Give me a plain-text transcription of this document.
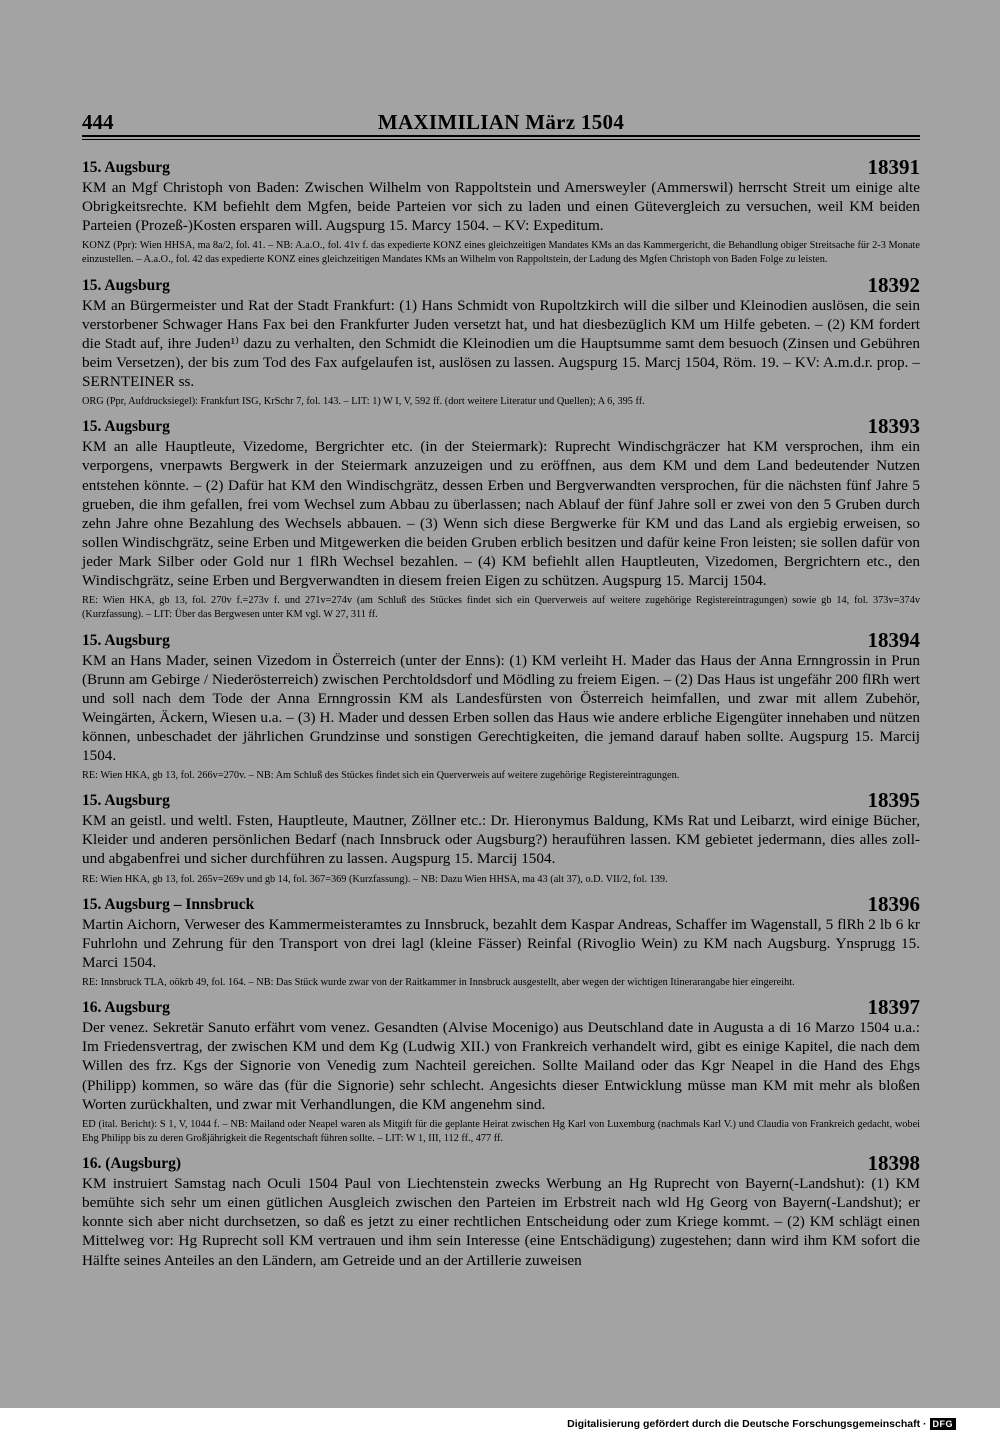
444	MAXIMILIAN März 1504
15. Augsburg	18391

KM an Mgf Christoph von Baden: Zwischen Wilhelm von Rappoltstein und Amersweyler (Ammerswil) herrscht Streit um einige alte Obrigkeitsrechte. KM befiehlt dem Mgfen, beide Parteien vor sich zu laden und einen Gütevergleich zu versuchen, weil KM beiden Parteien (Prozeß-)Kosten ersparen will. Augspurg 15. Marcy 1504. – KV: Expeditum.

KONZ (Ppr): Wien HHSA, ma 8a/2, fol. 41. – NB: A.a.O., fol. 41v f. das expedierte KONZ eines gleichzeitigen Mandates KMs an das Kammergericht, die Behandlung obiger Streitsache für 2-3 Monate einzustellen. – A.a.O., fol. 42 das expedierte KONZ eines gleichzeitigen Mandates KMs an Wilhelm von Rappoltstein, der Ladung des Mgfen Christoph von Baden Folge zu leisten.

15. Augsburg	18392

KM an Bürgermeister und Rat der Stadt Frankfurt: (1) Hans Schmidt von Rupoltzkirch will die silber und Kleinodien auslösen, die sein verstorbener Schwager Hans Fax bei den Frankfurter Juden versetzt hat, und hat diesbezüglich KM um Hilfe gebeten. – (2) KM fordert die Stadt auf, ihre Juden¹⁾ dazu zu verhalten, den Schmidt die Kleinodien um die Hauptsumme samt dem besuoch (Zinsen und Gebühren beim Versetzen), der bis zum Tod des Fax aufgelaufen ist, auslösen zu lassen. Augspurg 15. Marcj 1504, Röm. 19. – KV: A.m.d.r. prop. – SERNTEINER ss.

ORG (Ppr, Aufdrucksiegel): Frankfurt ISG, KrSchr 7, fol. 143. – LIT: 1) W I, V, 592 ff. (dort weitere Literatur und Quellen); A 6, 395 ff.

15. Augsburg	18393

KM an alle Hauptleute, Vizedome, Bergrichter etc. (in der Steiermark): Ruprecht Windischgräczer hat KM versprochen, ihm ein verporgens, vnerpawts Bergwerk in der Steiermark anzuzeigen und zu eröffnen, aus dem KM und dem Land bedeutender Nutzen entstehen könnte. – (2) Dafür hat KM den Windischgrätz, dessen Erben und Bergverwandten versprochen, für die nächsten fünf Jahre 5 grueben, die ihm gefallen, frei vom Wechsel zum Abbau zu überlassen; nach Ablauf der fünf Jahre soll er zwei von den 5 Gruben durch zehn Jahre ohne Bezahlung des Wechsels abbauen. – (3) Wenn sich diese Bergwerke für KM und das Land als ergiebig erweisen, so sollen Windischgrätz, seine Erben und Mitgewerken die beiden Gruben erblich besitzen und dafür keine Fron leisten; sie sollen dafür von jeder Mark Silber oder Gold nur 1 flRh Wechsel bezahlen. – (4) KM befiehlt allen Hauptleuten, Vizedomen, Bergrichtern etc., den Windischgrätz, seine Erben und Bergverwandten in diesem freien Eigen zu schützen. Augspurg 15. Marcij 1504.

RE: Wien HKA, gb 13, fol. 270v f.=273v f. und 271v=274v (am Schluß des Stückes findet sich ein Querverweis auf weitere zugehörige Registereintragungen) sowie gb 14, fol. 373v=374v (Kurzfassung). – LIT: Über das Bergwesen unter KM vgl. W 27, 311 ff.

15. Augsburg	18394

KM an Hans Mader, seinen Vizedom in Österreich (unter der Enns): (1) KM verleiht H. Mader das Haus der Anna Ernngrossin in Prun (Brunn am Gebirge / Niederösterreich) zwischen Perchtoldsdorf und Mödling zu freiem Eigen. – (2) Das Haus ist ungefähr 200 flRh wert und soll nach dem Tode der Anna Ernngrossin KM als Landesfürsten von Österreich heimfallen, und zwar mit allem Zubehör, Weingärten, Äckern, Wiesen u.a. – (3) H. Mader und dessen Erben sollen das Haus wie andere erbliche Eigengüter innehaben und nützen können, unbeschadet der jährlichen Grundzinse und sonstigen Gerechtigkeiten, die jemand darauf haben sollte. Augspurg 15. Marcij 1504.

RE: Wien HKA, gb 13, fol. 266v=270v. – NB: Am Schluß des Stückes findet sich ein Querverweis auf weitere zugehörige Registereintragungen.

15. Augsburg	18395

KM an geistl. und weltl. Fsten, Hauptleute, Mautner, Zöllner etc.: Dr. Hieronymus Baldung, KMs Rat und Leibarzt, wird einige Bücher, Kleider und anderen persönlichen Bedarf (nach Innsbruck oder Augsburg?) herauführen lassen. KM gebietet jedermann, dies alles zoll- und abgabenfrei und sicher durchführen zu lassen. Augspurg 15. Marcij 1504.

RE: Wien HKA, gb 13, fol. 265v=269v und gb 14, fol. 367=369 (Kurzfassung). – NB: Dazu Wien HHSA, ma 43 (alt 37), o.D. VII/2, fol. 139.

15. Augsburg – Innsbruck	18396

Martin Aichorn, Verweser des Kammermeisteramtes zu Innsbruck, bezahlt dem Kaspar Andreas, Schaffer im Wagenstall, 5 flRh 2 lb 6 kr Fuhrlohn und Zehrung für den Transport von drei lagl (kleine Fässer) Reinfal (Rivoglio Wein) zu KM nach Augsburg. Ynsprugg 15. Marci 1504.

RE: Innsbruck TLA, oökrb 49, fol. 164. – NB: Das Stück wurde zwar von der Raitkammer in Innsbruck ausgestellt, aber wegen der wichtigen Itinerarangabe hier eingereiht.

16. Augsburg	18397

Der venez. Sekretär Sanuto erfährt vom venez. Gesandten (Alvise Mocenigo) aus Deutschland date in Augusta a di 16 Marzo 1504 u.a.: Im Friedensvertrag, der zwischen KM und dem Kg (Ludwig XII.) von Frankreich verhandelt wird, gibt es einige Kapitel, die nach dem Willen des frz. Kgs der Signorie von Venedig zum Nachteil gereichen. Sollte Mailand oder das Kgr Neapel in die Hand des Ehgs (Philipp) kommen, so wäre das (für die Signorie) sehr schlecht. Angesichts dieser Entwicklung müsse man KM mit mehr als bloßen Worten zurückhalten, und zwar mit Verhandlungen, die KM angenehm sind.

ED (ital. Bericht): S 1, V, 1044 f. – NB: Mailand oder Neapel waren als Mitgift für die geplante Heirat zwischen Hg Karl von Luxemburg (nachmals Karl V.) und Claudia von Frankreich gedacht, wobei Ehg Philipp bis zu deren Großjährigkeit die Regentschaft führen sollte. – LIT: W 1, III, 112 ff., 477 ff.

16. (Augsburg)	18398

KM instruiert Samstag nach Oculi 1504 Paul von Liechtenstein zwecks Werbung an Hg Ruprecht von Bayern(-Landshut): (1) KM bemühte sich sehr um einen gütlichen Ausgleich zwischen den Parteien im Erbstreit nach wld Hg Georg von Bayern(-Landshut); er konnte sich aber nicht durchsetzen, so daß es jetzt zu einer rechtlichen Entscheidung oder zum Kriege kommt. – (2) KM schlägt einen Mittelweg vor: Hg Ruprecht soll KM vertrauen und ihm sein Interesse (eine Entschädigung) zugestehen; dann wird ihm KM sofort die Hälfte seines Anteiles an den Ländern, am Getreide und an der Artillerie zuweisen

Digitalisierung gefördert durch die Deutsche Forschungsgemeinschaft · DFG
